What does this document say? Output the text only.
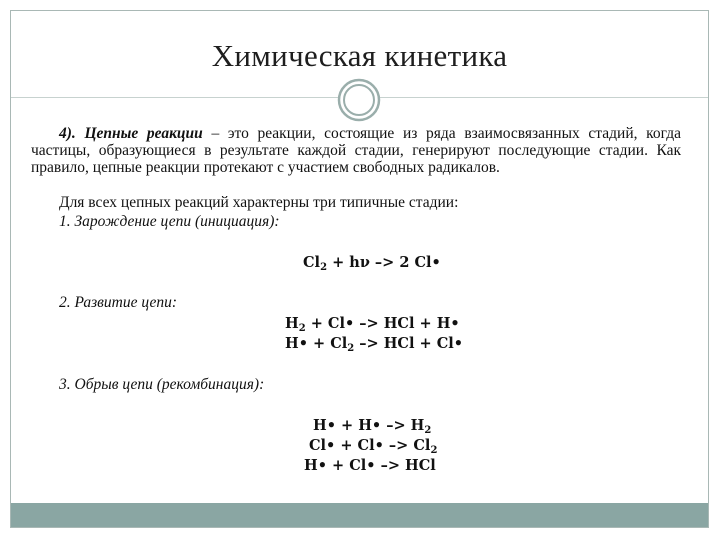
Химическая кинетика

4). Цепные реакции – это реакции, состоящие из ряда взаимосвязанных стадий, когда частицы, образующиеся в результате каждой стадии, генерируют последующие стадии. Как правило, цепные реакции протекают с участием свободных радикалов.

Для всех цепных реакций характерны три типичные стадии:
1. Зарождение цепи (инициация):
$Cl_2 + h\nu -> 2$ Cl•
2. Развитие цепи:
$H_2$ + Cl• –> HCl + H•
H• + $Cl_2$ –> HCl + Cl•
3. Обрыв цепи (рекомбинация):
H• + H• –> $H_2$
Cl• + Cl• –> $Cl_2$
H• + Cl• –> HCl
